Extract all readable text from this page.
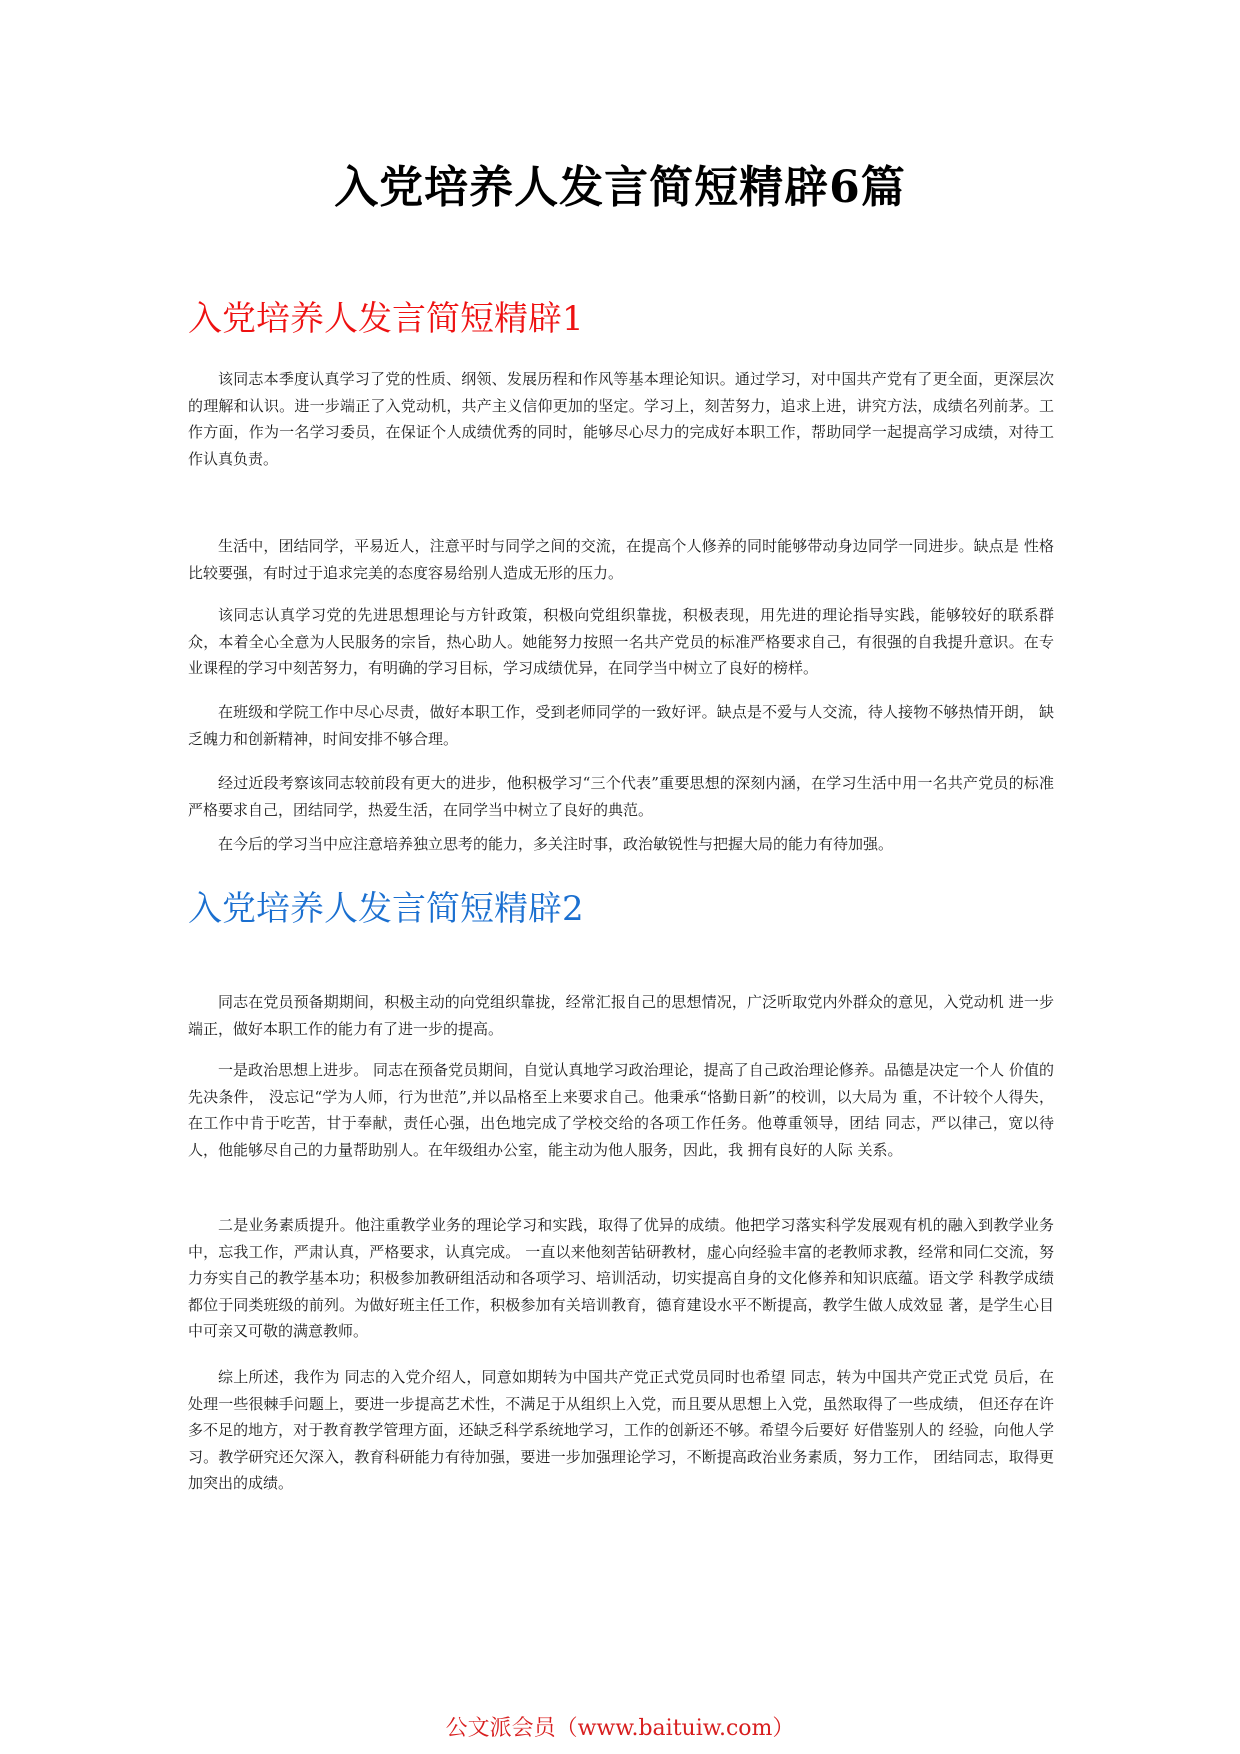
入党培养人发言简短精辟6篇
入党培养人发言简短精辟1

该同志本季度认真学习了党的性质、纲领、发展历程和作风等基本理论知识。通过学习，对中国共产党有了更全面，更深层次的理解和认识。进一步端正了入党动机，共产主义信仰更加的坚定。学习上，刻苦努力，追求上进，讲究方法，成绩名列前茅。工作方面，作为一名学习委员，在保证个人成绩优秀的同时，能够尽心尽力的完成好本职工作，帮助同学一起提高学习成绩，对待工作认真负责。

生活中，团结同学，平易近人，注意平时与同学之间的交流，在提高个人修养的同时能够带动身边同学一同进步。缺点是 性格比较要强，有时过于追求完美的态度容易给别人造成无形的压力。

该同志认真学习党的先进思想理论与方针政策，积极向党组织靠拢，积极表现，用先进的理论指导实践，能够较好的联系群众，本着全心全意为人民服务的宗旨，热心助人。她能努力按照一名共产党员的标准严格要求自己，有很强的自我提升意识。在专业课程的学习中刻苦努力，有明确的学习目标，学习成绩优异，在同学当中树立了良好的榜样。

在班级和学院工作中尽心尽责，做好本职工作，受到老师同学的一致好评。缺点是不爱与人交流，待人接物不够热情开朗， 缺乏魄力和创新精神，时间安排不够合理。

经过近段考察该同志较前段有更大的进步，他积极学习“三个代表”重要思想的深刻内涵，在学习生活中用一名共产党员的标准严格要求自己，团结同学，热爱生活，在同学当中树立了良好的典范。

在今后的学习当中应注意培养独立思考的能力，多关注时事，政治敏锐性与把握大局的能力有待加强。

入党培养人发言简短精辟2

同志在党员预备期期间，积极主动的向党组织靠拢，经常汇报自己的思想情况，广泛听取党内外群众的意见，入党动机 进一步端正，做好本职工作的能力有了进一步的提高。

一是政治思想上进步。 同志在预备党员期间，自觉认真地学习政治理论，提高了自己政治理论修养。品德是决定一个人 价值的先决条件， 没忘记“学为人师，行为世范”,并以品格至上来要求自己。他秉承“恪勤日新”的校训，以大局为 重，不计较个人得失，在工作中肯于吃苦，甘于奉献，责任心强，出色地完成了学校交给的各项工作任务。他尊重领导，团结 同志，严以律己，宽以待人，他能够尽自己的力量帮助别人。在年级组办公室，能主动为他人服务，因此，我 拥有良好的人际 关系。

二是业务素质提升。他注重教学业务的理论学习和实践，取得了优异的成绩。他把学习落实科学发展观有机的融入到教学业务中，忘我工作，严肃认真，严格要求，认真完成。 一直以来他刻苦钻研教材，虚心向经验丰富的老教师求教，经常和同仁交流，努力夯实自己的教学基本功；积极参加教研组活动和各项学习、培训活动，切实提高自身的文化修养和知识底蕴。语文学 科教学成绩都位于同类班级的前列。为做好班主任工作，积极参加有关培训教育，德育建设水平不断提高，教学生做人成效显 著，是学生心目中可亲又可敬的满意教师。

综上所述，我作为 同志的入党介绍人，同意如期转为中国共产党正式党员同时也希望 同志，转为中国共产党正式党 员后，在处理一些很棘手问题上，要进一步提高艺术性，不满足于从组织上入党，而且要从思想上入党，虽然取得了一些成绩， 但还存在许多不足的地方，对于教育教学管理方面，还缺乏科学系统地学习，工作的创新还不够。希望今后要好 好借鉴别人的 经验，向他人学习。教学研究还欠深入，教育科研能力有待加强，要进一步加强理论学习，不断提高政治业务素质，努力工作， 团结同志，取得更加突出的成绩。

公文派会员（www.baituiw.com）
